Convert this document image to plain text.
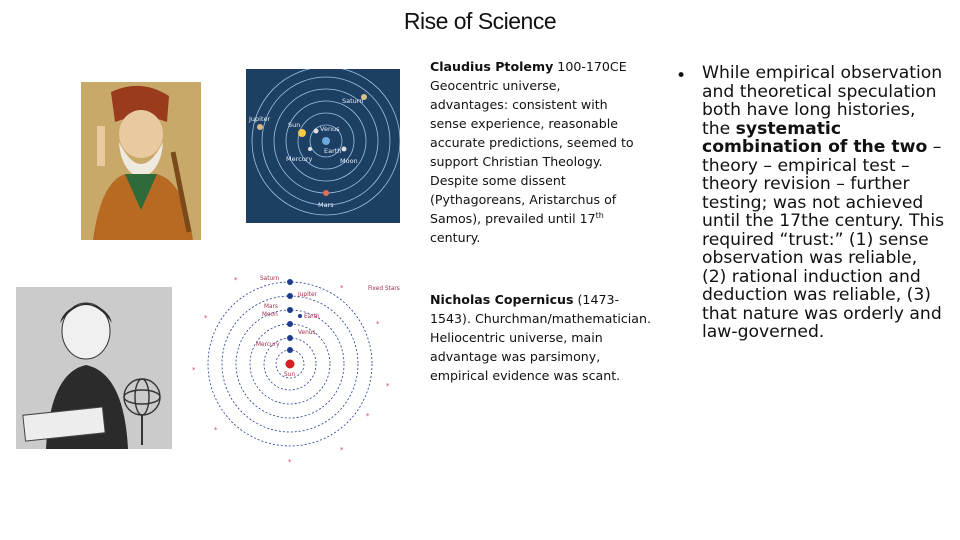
Rise of Science
Saturn
Jupiter
Sun	Venus
Mercury
Earth
Moon
Mars
*
*
*
*
*
*
*
*
*
*
Saturn
Jupiter
Mars
Moon	Earth
Venus
Mercury
Sun
Fixed Stars
Claudius Ptolemy 100-170CE
Geocentric universe, advantages: consistent with sense experience, reasonable accurate predictions, seemed to support Christian Theology. Despite some dissent (Pythagoreans, Aristarchus of Samos), prevailed until 17th century.
Nicholas Copernicus (1473-1543). Churchman/mathematician. Heliocentric universe, main advantage was parsimony, empirical evidence was scant.
• While empirical observation and theoretical speculation both have long histories, the systematic combination of the two – theory – empirical test – theory revision – further testing; was not achieved until the 17the century. This required “trust:” (1) sense observation was reliable, (2) rational induction and deduction was reliable, (3) that nature was orderly and law-governed.
